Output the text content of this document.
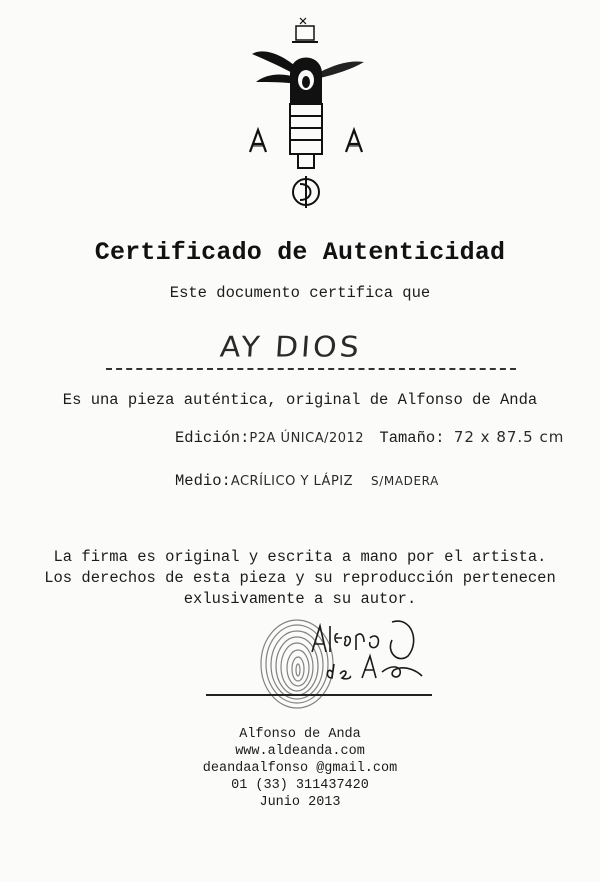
Certificado de Autenticidad
Este documento certifica que
AY DIOS
Es una pieza auténtica, original de Alfonso de Anda
Edición:P2A ÚNICA/2012 Tamaño: 72 x 87.5 cm
Medio:ACRÍLICO Y LÁPIZ S/MADERA
La firma es original y escrita a mano por el artista.
Los derechos de esta pieza y su reproducción pertenecen
exlusivamente a su autor.
Alfonso de Anda
www.aldeanda.com
deandaalfonso @gmail.com
01 (33) 311437420
Junio 2013
